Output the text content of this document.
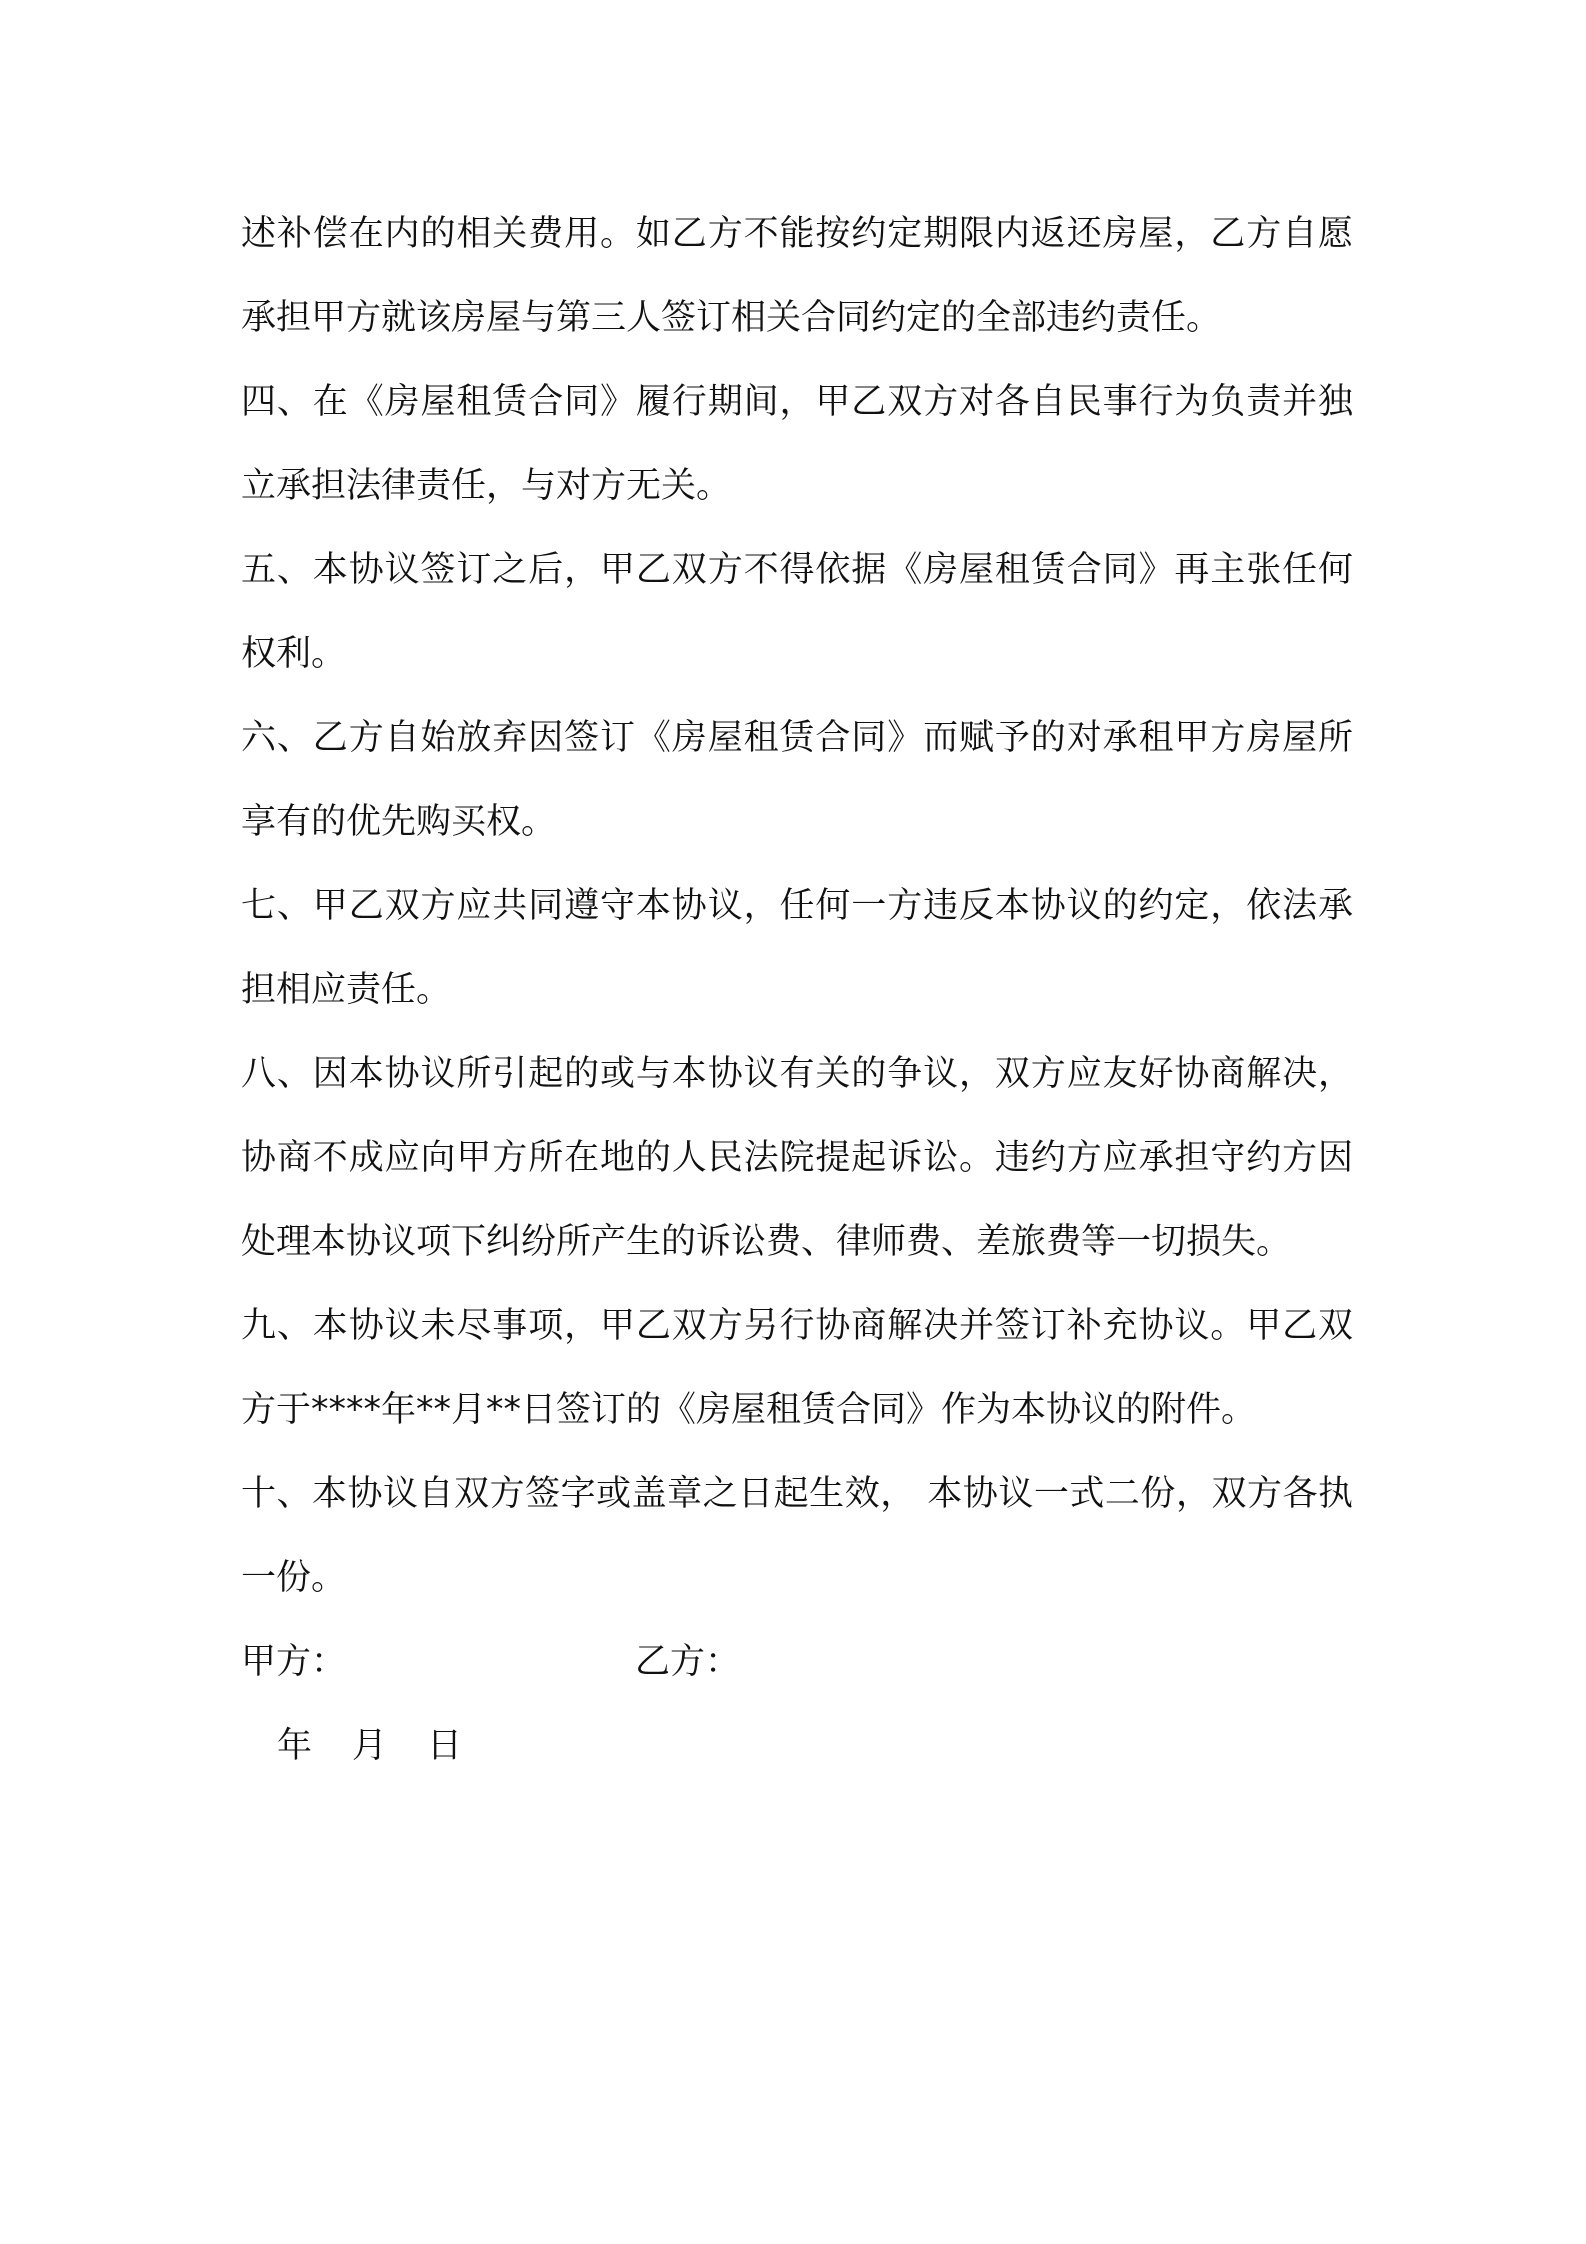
述补偿在内的相关费用。如乙方不能按约定期限内返还房屋，乙方自愿承担甲方就该房屋与第三人签订相关合同约定的全部违约责任。

四、在《房屋租赁合同》履行期间，甲乙双方对各自民事行为负责并独立承担法律责任，与对方无关。

五、本协议签订之后，甲乙双方不得依据《房屋租赁合同》再主张任何权利。

六、乙方自始放弃因签订《房屋租赁合同》而赋予的对承租甲方房屋所享有的优先购买权。

七、甲乙双方应共同遵守本协议，任何一方违反本协议的约定，依法承担相应责任。

八、因本协议所引起的或与本协议有关的争议，双方应友好协商解决，协商不成应向甲方所在地的人民法院提起诉讼。违约方应承担守约方因处理本协议项下纠纷所产生的诉讼费、律师费、差旅费等一切损失。

九、本协议未尽事项，甲乙双方另行协商解决并签订补充协议。甲乙双方于****年**月**日签订的《房屋租赁合同》作为本协议的附件。

十、本协议自双方签字或盖章之日起生效， 本协议一式二份，双方各执一份。

甲方：	乙方：
年 月 日
